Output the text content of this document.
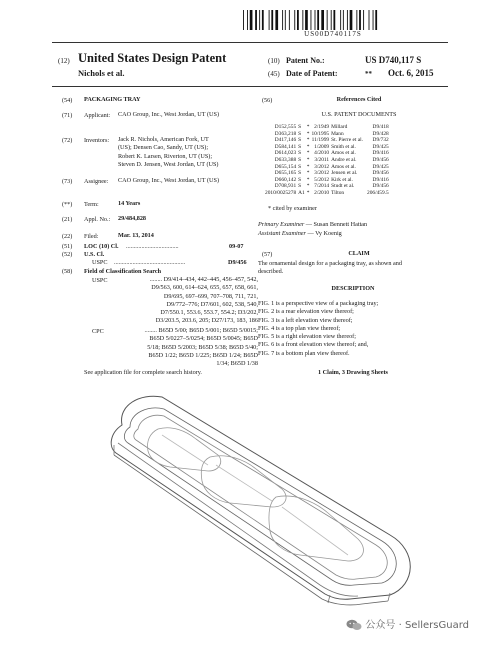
US00D740117S
(12) United States Design Patent
Nichols et al.
(10) Patent No.:	US D740,117 S
(45) Date of Patent:	** Oct. 6, 2015
(54) PACKAGING TRAY
(71) Applicant: CAO Group, Inc., West Jordan, UT (US)
(72) Inventors: Jack R. Nichols, American Fork, UT
(US); Densen Cao, Sandy, UT (US);
Robert K. Larsen, Riverton, UT (US);
Steven D. Jensen, West Jordan, UT (US)
(73) Assignee: CAO Group, Inc., West Jordan, UT (US)
(**) Term:	14 Years
(21) Appl. No.: 29/484,828
(22) Filed:	Mar. 13, 2014
(51) LOC (10) Cl. ..................................	09-07
(52) U.S. Cl.
USPC ..............................................	D9/456
(58) Field of Classification Search
USPC	........ D9/414–434, 442–445, 456–457, 542,
D9/563, 600, 614–624, 655, 657, 658, 661,
D9/695, 697–699, 707–708, 711, 721,
D9/772–776; D7/601, 602, 538, 540,
D7/550.1, 553.6, 553.7, 554.2; D3/202,
D3/203.5, 203.6, 205; D27/173, 183, 186
CPC	........ B65D 5/00; B65D 5/001; B65D 5/0015;
B65D 5/0227–5/0254; B65D 5/0045; B65D
5/18; B65D 5/2003; B65D 5/38; B65D 5/40;
B65D 1/22; B65D 1/225; B65D 1/24; B65D
1/34; B65D 1/38
See application file for complete search history.
(56)	References Cited
U.S. PATENT DOCUMENTS
D152,555	S	*	2/1949	Millard	D9/418
D363,218	S	*	10/1995	Mann	D9/428
D417,146	S	*	11/1999	St. Pierre et al.	D9/732
D584,141	S	*	1/2009	Smith et al.	D9/425
D614,023	S	*	4/2010	Amos et al.	D9/416
D633,388	S	*	3/2011	Andre et al.	D9/456
D655,154	S	*	3/2012	Amos et al.	D9/425
D655,165	S	*	3/2012	Jensen et al.	D9/456
D660,142	S	*	5/2012	Kirk et al.	D9/416
D708,931	S	*	7/2014	Studt et al.	D9/456
2010/0025278	A1	*	2/2010	Tilton	206/459.5
* cited by examiner
Primary Examiner — Susan Bennett Hattan
Assistant Examiner — Vy Koenig
(57)	CLAIM
The ornamental design for a packaging tray, as shown and
described.
DESCRIPTION
FIG. 1 is a perspective view of a packaging tray;
FIG. 2 is a rear elevation view thereof;
FIG. 3 is a left elevation view thereof;
FIG. 4 is a top plan view thereof;
FIG. 5 is a right elevation view thereof;
FIG. 6 is a front elevation view thereof; and,
FIG. 7 is a bottom plan view thereof.
1 Claim, 3 Drawing Sheets
公众号 · SellersGuard
